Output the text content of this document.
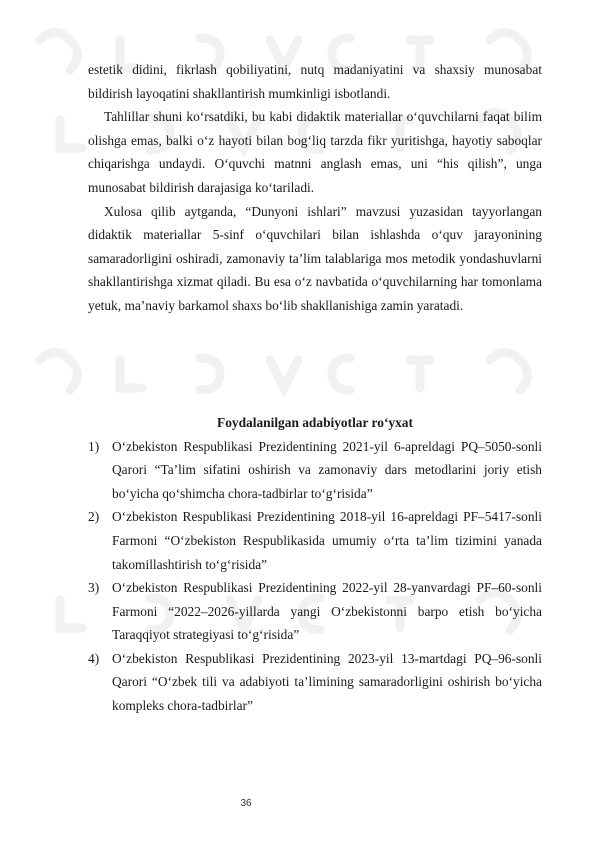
estetik didini, fikrlash qobiliyatini, nutq madaniyatini va shaxsiy munosabat bildirish layoqatini shakllantirish mumkinligi isbotlandi.

Tahlillar shuni ko‘rsatdiki, bu kabi didaktik materiallar o‘quvchilarni faqat bilim olishga emas, balki o‘z hayoti bilan bog‘liq tarzda fikr yuritishga, hayotiy saboqlar chiqarishga undaydi. O‘quvchi matnni anglash emas, uni “his qilish”, unga munosabat bildirish darajasiga ko‘tariladi.

Xulosa qilib aytganda, “Dunyoni ishlari” mavzusi yuzasidan tayyorlangan didaktik materiallar 5-sinf o‘quvchilari bilan ishlashda o‘quv jarayonining samaradorligini oshiradi, zamonaviy ta’lim talablariga mos metodik yondashuvlarni shakllantirishga xizmat qiladi. Bu esa o‘z navbatida o‘quvchilarning har tomonlama yetuk, ma’naviy barkamol shaxs bo‘lib shakllanishiga zamin yaratadi.

Foydalanilgan adabiyotlar ro‘yxat
1) O‘zbekiston Respublikasi Prezidentining 2021-yil 6-apreldagi PQ–5050-sonli Qarori “Ta’lim sifatini oshirish va zamonaviy dars metodlarini joriy etish bo‘yicha qo‘shimcha chora-tadbirlar to‘g‘risida”
2) O‘zbekiston Respublikasi Prezidentining 2018-yil 16-apreldagi PF–5417-sonli Farmoni “O‘zbekiston Respublikasida umumiy o‘rta ta’lim tizimini yanada takomillashtirish to‘g‘risida”
3) O‘zbekiston Respublikasi Prezidentining 2022-yil 28-yanvardagi PF–60-sonli Farmoni “2022–2026-yillarda yangi O‘zbekistonni barpo etish bo‘yicha Taraqqiyot strategiyasi to‘g‘risida”
4) O‘zbekiston Respublikasi Prezidentining 2023-yil 13-martdagi PQ–96-sonli Qarori “O‘zbek tili va adabiyoti ta’limining samaradorligini oshirish bo‘yicha kompleks chora-tadbirlar”
36
